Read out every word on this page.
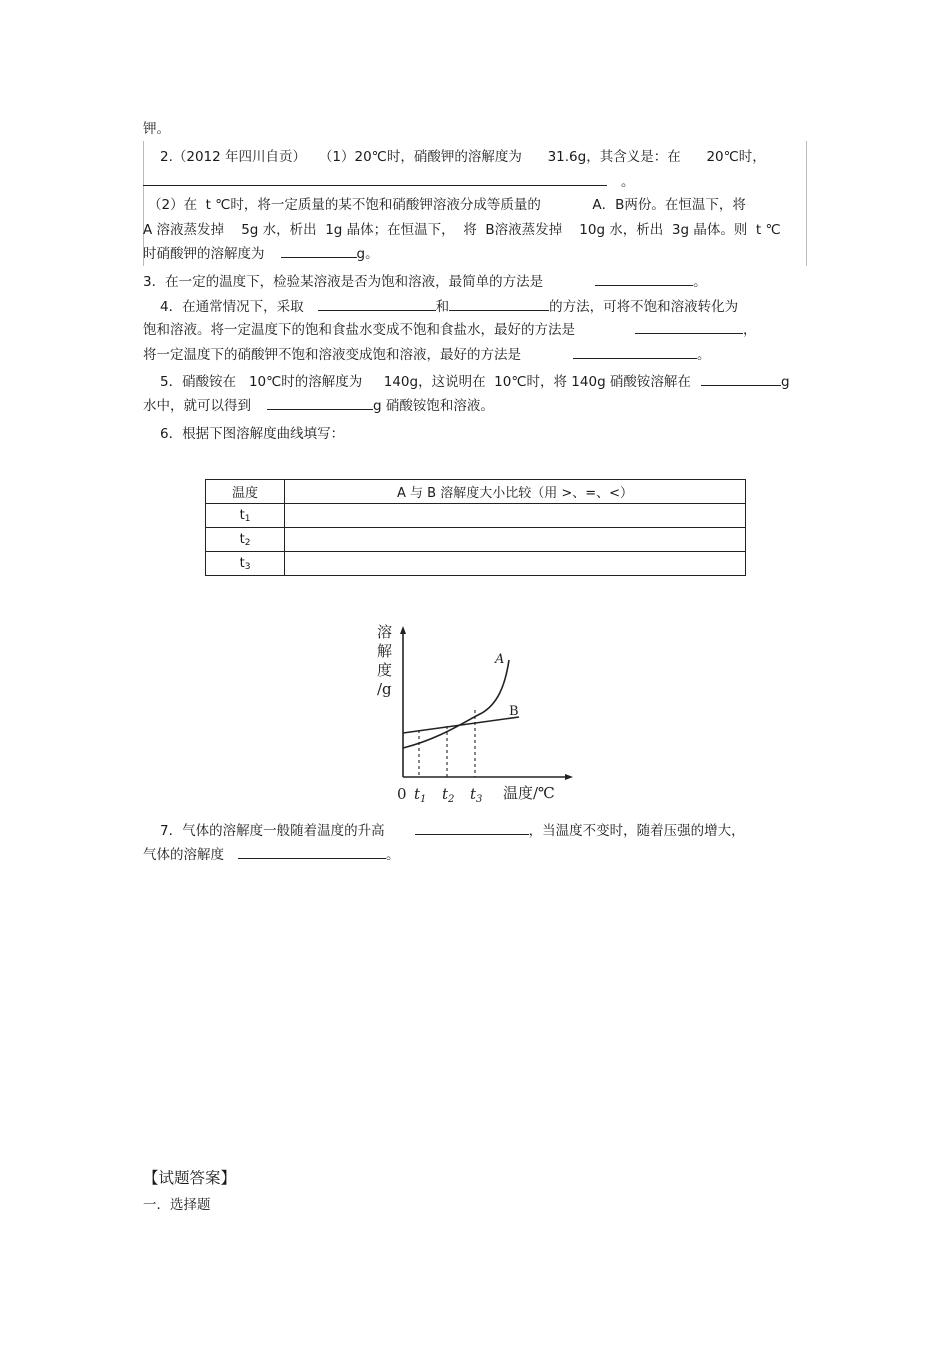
钾。
2.（2012 年四川自贡）   （1）20℃时，硝酸钾的溶解度为      31.6g，其含义是：在      20℃时，
。
（2）在  t ℃时，将一定质量的某不饱和硝酸钾溶液分成等质量的            A．B两份。在恒温下，将
A 溶液蒸发掉    5g 水，析出  1g 晶体；在恒温下，  将  B溶液蒸发掉    10g 水，析出  3g 晶体。则  t ℃
时硝酸钾的溶解度为	g。
3．在一定的温度下，检验某溶液是否为饱和溶液，最简单的方法是	。
4．在通常情况下，采取	和	的方法，可将不饱和溶液转化为
饱和溶液。将一定温度下的饱和食盐水变成不饱和食盐水，最好的方法是	，
将一定温度下的硝酸钾不饱和溶液变成饱和溶液，最好的方法是	。
5．硝酸铵在   10℃时的溶解度为     140g，这说明在  10℃时，将 140g 硝酸铵溶解在	g
水中，就可以得到	g 硝酸铵饱和溶液。
6．根据下图溶解度曲线填写：
温度	A 与 B 溶解度大小比较（用 >、=、<）
$t_1$	
$t_2$	
$t_3$	
溶
解
度
/g
A
B
0 $t_1$ $t_2$ $t_3$ 温度/℃
7．气体的溶解度一般随着温度的升高	，当温度不变时，随着压强的增大，
气体的溶解度	。
【试题答案】
一．选择题
